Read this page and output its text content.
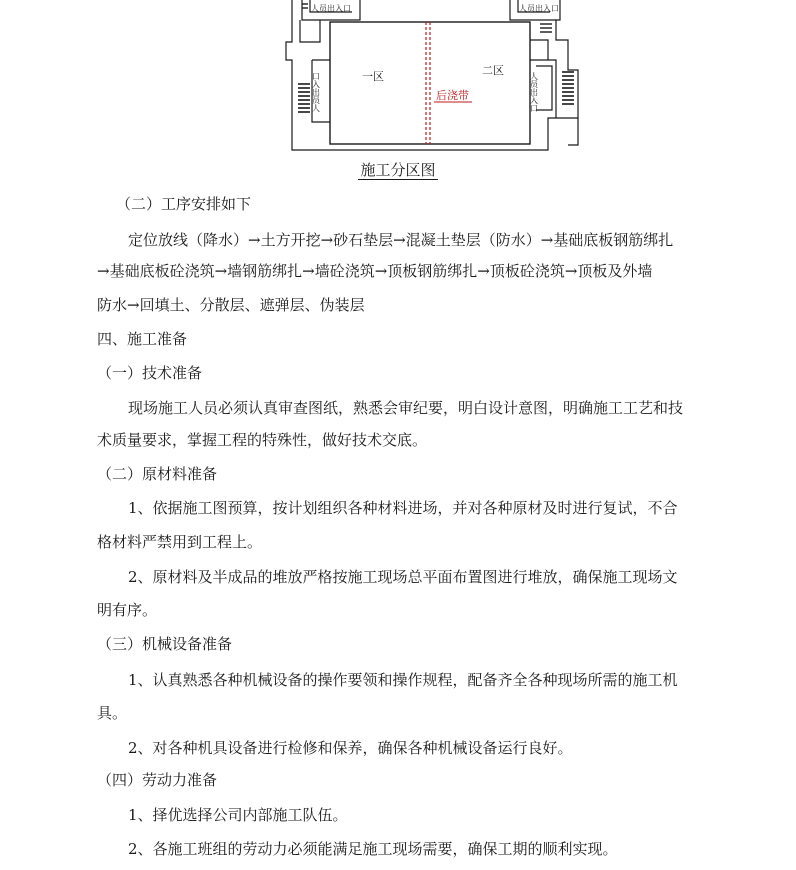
一区	二区
后浇带
人员出入口	人员出入口
口入出员人	人员出入口
施工分区图
（二）工序安排如下
定位放线（降水）→土方开挖→砂石垫层→混凝土垫层（防水）→基础底板钢筋绑扎
→基础底板砼浇筑→墙钢筋绑扎→墙砼浇筑→顶板钢筋绑扎→顶板砼浇筑→顶板及外墙
防水→回填土、分散层、遮弹层、伪装层
四、施工准备
（一）技术准备
现场施工人员必须认真审查图纸，熟悉会审纪要，明白设计意图，明确施工工艺和技
术质量要求，掌握工程的特殊性，做好技术交底。
（二）原材料准备
1、依据施工图预算，按计划组织各种材料进场，并对各种原材及时进行复试，不合
格材料严禁用到工程上。
2、原材料及半成品的堆放严格按施工现场总平面布置图进行堆放，确保施工现场文
明有序。
（三）机械设备准备
1、认真熟悉各种机械设备的操作要领和操作规程，配备齐全各种现场所需的施工机
具。
2、对各种机具设备进行检修和保养，确保各种机械设备运行良好。
（四）劳动力准备
1、择优选择公司内部施工队伍。
2、各施工班组的劳动力必须能满足施工现场需要，确保工期的顺利实现。
